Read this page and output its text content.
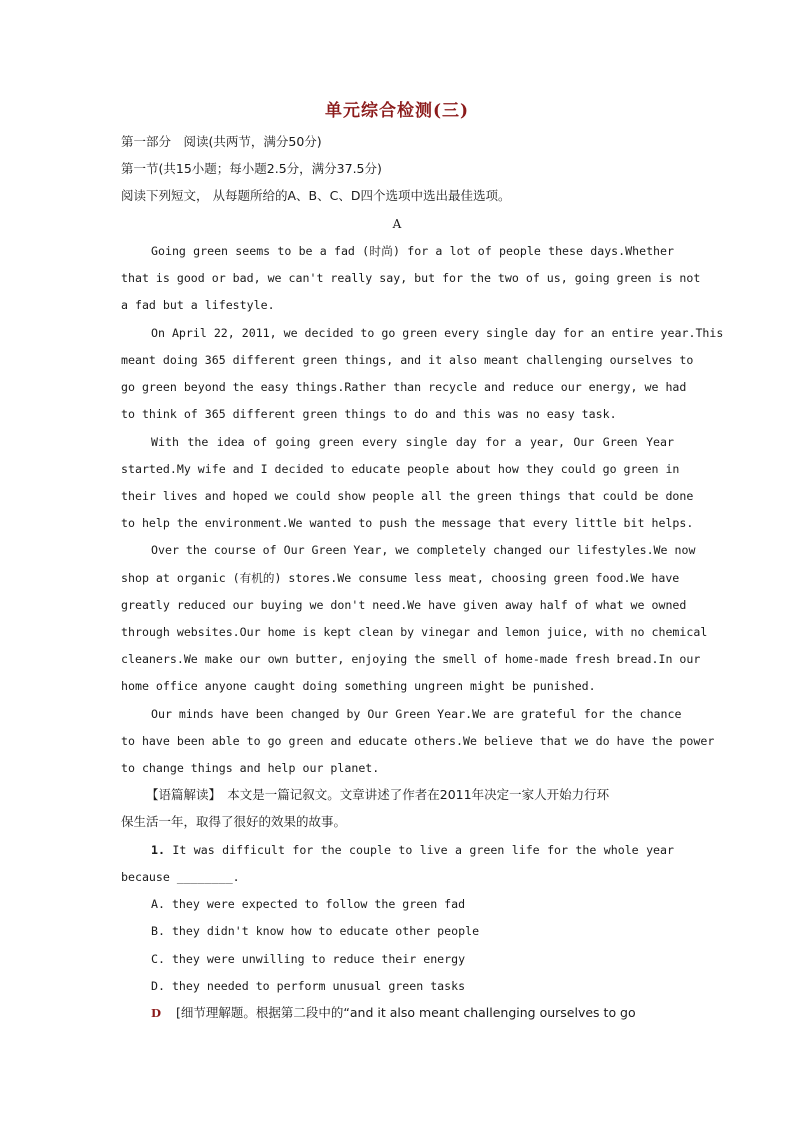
单元综合检测(三)
第一部分　阅读(共两节，满分50分)
第一节(共15小题；每小题2.5分，满分37.5分)
阅读下列短文， 从每题所给的A、B、C、D四个选项中选出最佳选项。
A
Going green seems to be a fad (时尚) for a lot of people these days.Whether
that is good or bad, we can't really say, but for the two of us, going green is not
a fad but a lifestyle.
On April 22, 2011, we decided to go green every single day for an entire year.This
meant doing 365 different green things, and it also meant challenging ourselves to
go green beyond the easy things.Rather than recycle and reduce our energy, we had
to think of 365 different green things to do and this was no easy task.
With the idea of going green every single day for a year, Our Green Year
started.My wife and I decided to educate people about how they could go green in
their lives and hoped we could show people all the green things that could be done
to help the environment.We wanted to push the message that every little bit helps.
Over the course of Our Green Year, we completely changed our lifestyles.We now
shop at organic (有机的) stores.We consume less meat, choosing green food.We have
greatly reduced our buying we don't need.We have given away half of what we owned
through websites.Our home is kept clean by vinegar and lemon juice, with no chemical
cleaners.We make our own butter, enjoying the smell of home-made fresh bread.In our
home office anyone caught doing something ungreen might be punished.
Our minds have been changed by Our Green Year.We are grateful for the chance
to have been able to go green and educate others.We believe that we do have the power
to change things and help our planet.
【语篇解读】　本文是一篇记叙文。文章讲述了作者在2011年决定一家人开始力行环
保生活一年，取得了很好的效果的故事。
1. It was difficult for the couple to live a green life for the whole year
because ________.
A. they were expected to follow the green fad
B. they didn't know how to educate other people
C. they were unwilling to reduce their energy
D. they needed to perform unusual green tasks
D [细节理解题。根据第二段中的“and it also meant challenging ourselves to go
